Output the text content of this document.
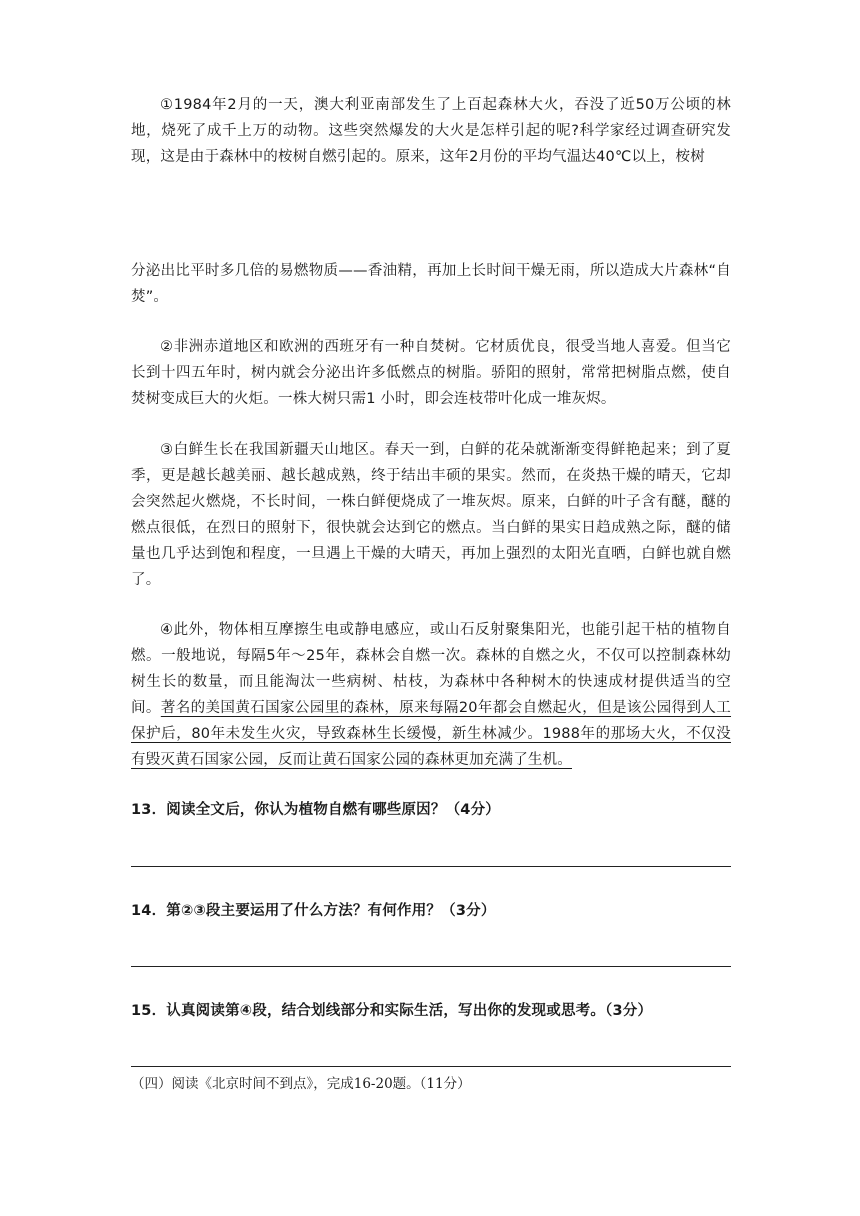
①1984年2月的一天，澳大利亚南部发生了上百起森林大火，吞没了近50万公顷的林地，烧死了成千上万的动物。这些突然爆发的大火是怎样引起的呢?科学家经过调查研究发现，这是由于森林中的桉树自燃引起的。原来，这年2月份的平均气温达40℃以上，桉树

分泌出比平时多几倍的易燃物质——香油精，再加上长时间干燥无雨，所以造成大片森林“自焚”。

②非洲赤道地区和欧洲的西班牙有一种自焚树。它材质优良，很受当地人喜爱。但当它长到十四五年时，树内就会分泌出许多低燃点的树脂。骄阳的照射，常常把树脂点燃，使自焚树变成巨大的火炬。一株大树只需1 小时，即会连枝带叶化成一堆灰烬。

③白鲜生长在我国新疆天山地区。春天一到，白鲜的花朵就渐渐变得鲜艳起来；到了夏季，更是越长越美丽、越长越成熟，终于结出丰硕的果实。然而，在炎热干燥的晴天，它却会突然起火燃烧，不长时间，一株白鲜便烧成了一堆灰烬。原来，白鲜的叶子含有醚，醚的燃点很低，在烈日的照射下，很快就会达到它的燃点。当白鲜的果实日趋成熟之际，醚的储量也几乎达到饱和程度，一旦遇上干燥的大晴天，再加上强烈的太阳光直晒，白鲜也就自燃了。

④此外，物体相互摩擦生电或静电感应，或山石反射聚集阳光，也能引起干枯的植物自燃。一般地说，每隔5年～25年，森林会自燃一次。森林的自燃之火，不仅可以控制森林幼树生长的数量，而且能淘汰一些病树、枯枝，为森林中各种树木的快速成材提供适当的空间。著名的美国黄石国家公园里的森林，原来每隔20年都会自燃起火，但是该公园得到人工保护后，80年未发生火灾，导致森林生长缓慢，新生林减少。1988年的那场大火，不仅没有毁灭黄石国家公园，反而让黄石国家公园的森林更加充满了生机。

13．阅读全文后，你认为植物自燃有哪些原因？（4分）
14．第②③段主要运用了什么方法？有何作用？（3分）
15．认真阅读第④段，结合划线部分和实际生活，写出你的发现或思考。（3分）
（四）阅读《北京时间不到点》，完成16-20题。（11分）
